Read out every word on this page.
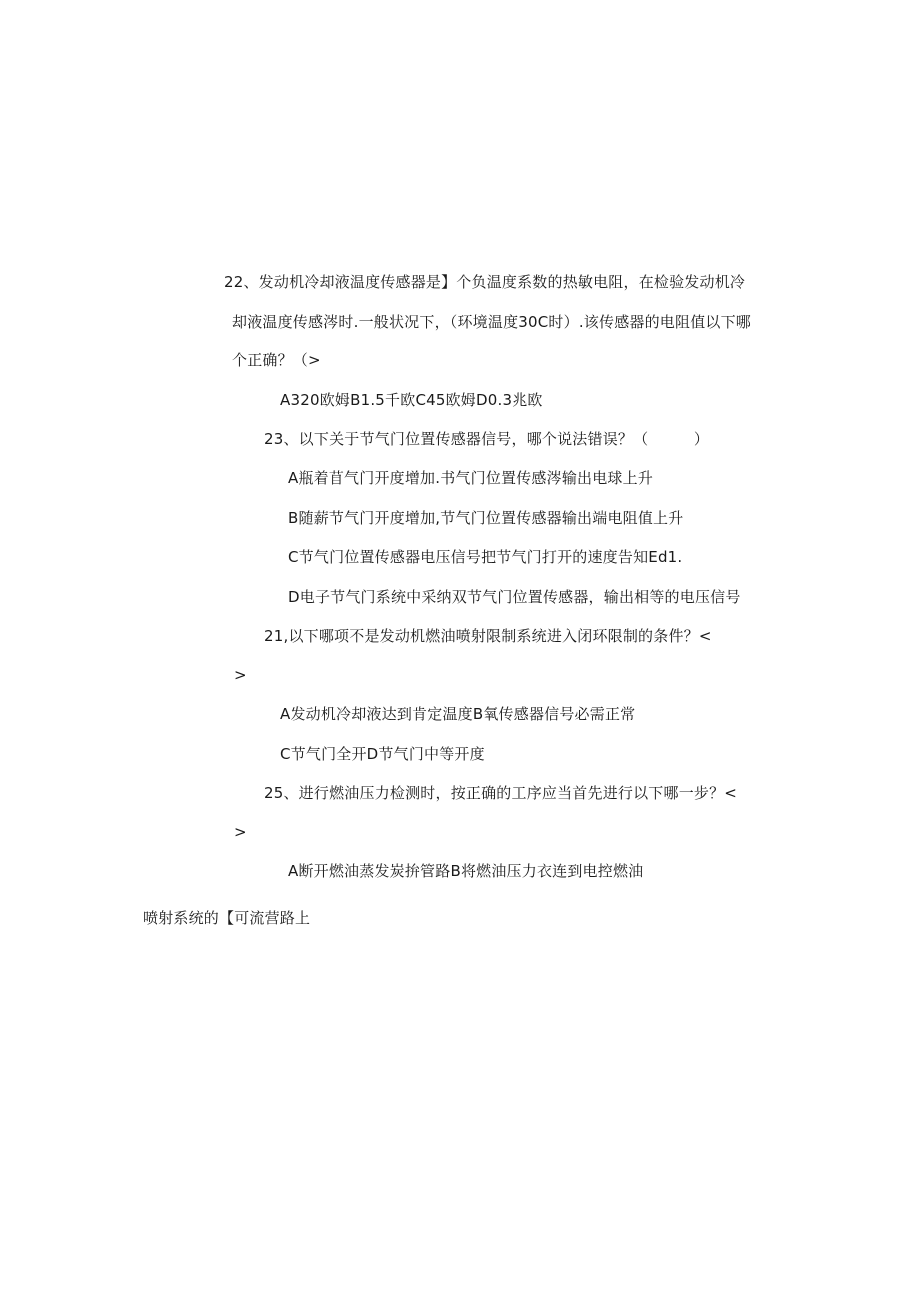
22、发动机冷却液温度传感器是】个负温度系数的热敏电阻，在检验发动机冷
却液温度传感涔时.一般状况下，（环境温度30C时）.该传感器的电阻值以下哪
个正确？（>
A320欧姆B1.5千欧C45欧姆D0.3兆欧
23、以下关于节气门位置传感器信号，哪个说法错误？（　　　）
A瓶着苜气门开度增加.书气门位置传感涔输出电球上升
B随薪节气门开度增加,节气门位置传感器输出端电阻值上升
C节气门位置传感器电压信号把节气门打开的速度告知Ed1.
D电子节气门系统中采纳双节气门位置传感器，输出相等的电压信号
21,以下哪项不是发动机燃油喷射限制系统进入闭环限制的条件？<
>
A发动机冷却液达到肯定温度B氧传感器信号必需正常
C节气门全开D节气门中等开度
25、进行燃油压力检测时，按正确的工序应当首先进行以下哪一步？<
>
A断开燃油蒸发炭拚管路B将燃油压力衣连到电控燃油
喷射系统的【可流营路上
